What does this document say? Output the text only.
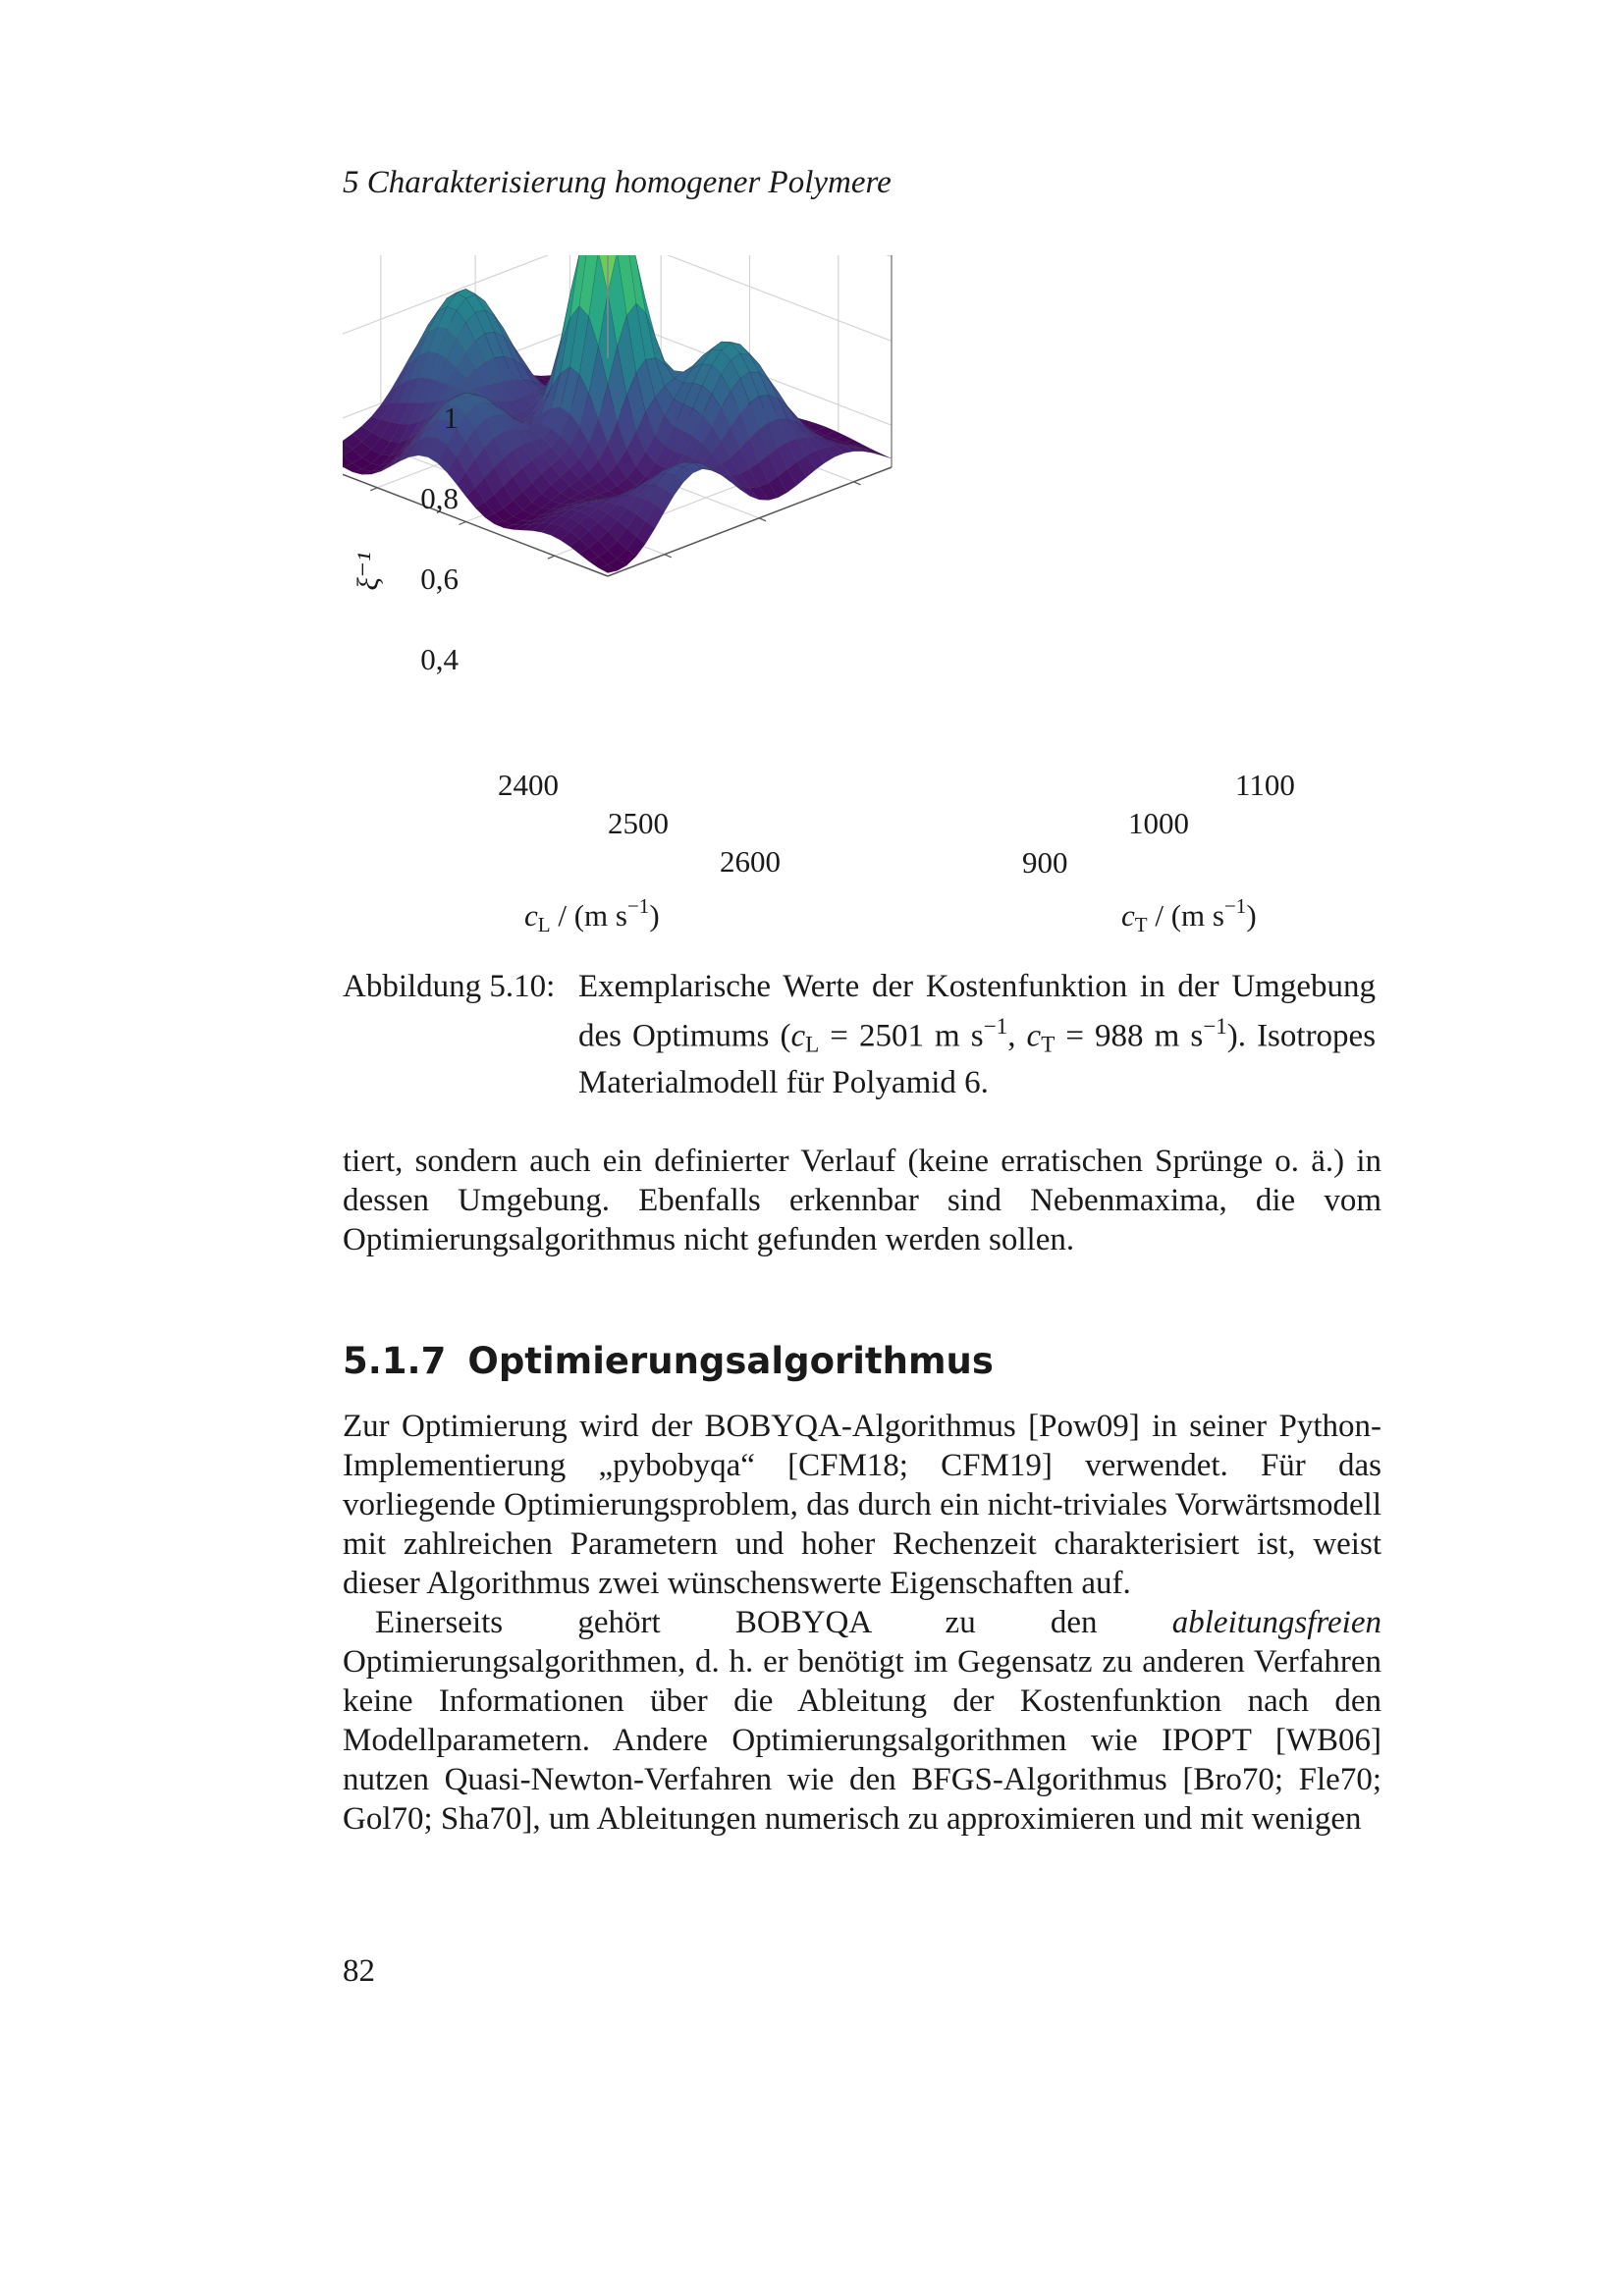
5 Charakterisierung homogener Polymere
1
0,8
0,6
0,4
ξ⁻¹
2400
2500
2600	900
1000
1100
cL / (m $s^{-1}$)	cT / (m $s^{-1}$)
Abbildung 5.10: Exemplarische Werte der Kostenfunktion in der Umgebung des Optimums ($c_L = 2501$ m $s^{-1}$, $c_T = 988$ m $s^{-1}$). Isotropes Materialmodell für Polyamid 6.

tiert, sondern auch ein definierter Verlauf (keine erratischen Sprünge o. ä.) in dessen Umgebung. Ebenfalls erkennbar sind Nebenmaxima, die vom Optimierungsalgorithmus nicht gefunden werden sollen.

5.1.7 Optimierungsalgorithmus

Zur Optimierung wird der BOBYQA-Algorithmus [Pow09] in seiner Python-Implementierung „pybobyqa“ [CFM18; CFM19] verwendet. Für das vorliegende Optimierungsproblem, das durch ein nicht-triviales Vorwärtsmodell mit zahlreichen Parametern und hoher Rechenzeit charakterisiert ist, weist dieser Algorithmus zwei wünschenswerte Eigenschaften auf.

Einerseits gehört BOBYQA zu den ableitungsfreien Optimierungsalgorithmen, d. h. er benötigt im Gegensatz zu anderen Verfahren keine Informationen über die Ableitung der Kostenfunktion nach den Modellparametern. Andere Optimierungsalgorithmen wie IPOPT [WB06] nutzen Quasi-Newton-Verfahren wie den BFGS-Algorithmus [Bro70; Fle70; Gol70; Sha70], um Ableitungen numerisch zu approximieren und mit wenigen

82
